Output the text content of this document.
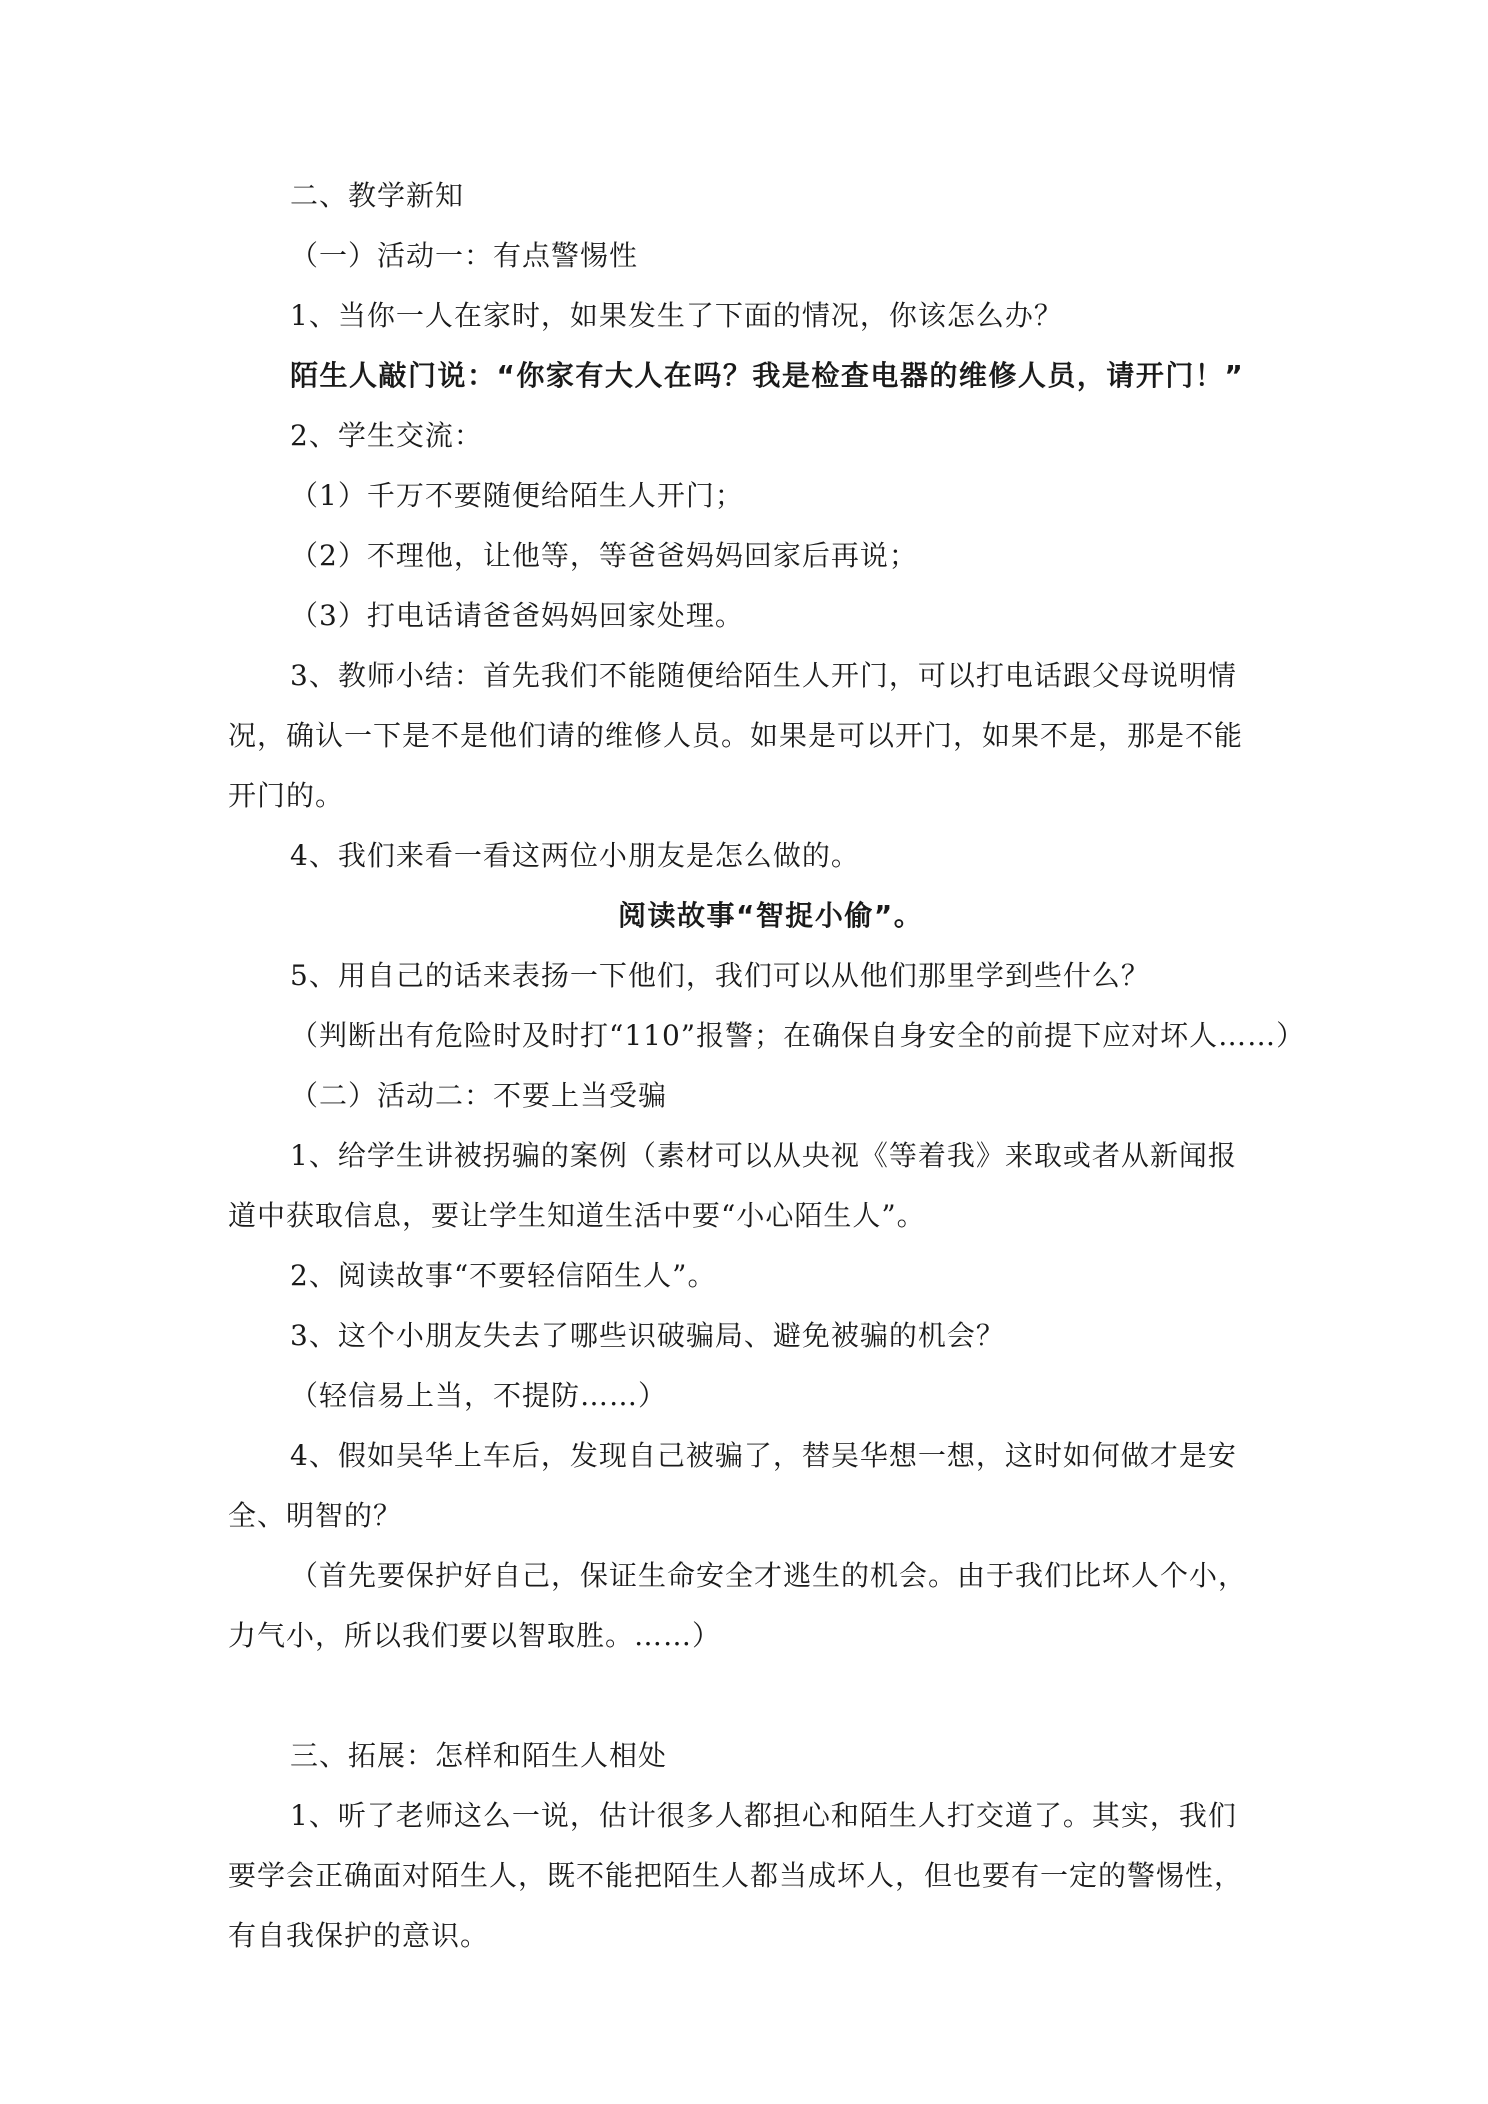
二、教学新知
（一）活动一：有点警惕性
1、当你一人在家时，如果发生了下面的情况，你该怎么办？
陌生人敲门说：“你家有大人在吗？我是检查电器的维修人员，请开门！”
2、学生交流：
（1）千万不要随便给陌生人开门；
（2）不理他，让他等，等爸爸妈妈回家后再说；
（3）打电话请爸爸妈妈回家处理。
3、教师小结：首先我们不能随便给陌生人开门，可以打电话跟父母说明情
况，确认一下是不是他们请的维修人员。如果是可以开门，如果不是，那是不能
开门的。
4、我们来看一看这两位小朋友是怎么做的。
阅读故事“智捉小偷”。
5、用自己的话来表扬一下他们，我们可以从他们那里学到些什么？
（判断出有危险时及时打“110”报警；在确保自身安全的前提下应对坏人……）
（二）活动二：不要上当受骗
1、给学生讲被拐骗的案例（素材可以从央视《等着我》来取或者从新闻报
道中获取信息，要让学生知道生活中要“小心陌生人”。
2、阅读故事“不要轻信陌生人”。
3、这个小朋友失去了哪些识破骗局、避免被骗的机会？
（轻信易上当，不提防……）
4、假如吴华上车后，发现自己被骗了，替吴华想一想，这时如何做才是安
全、明智的？
（首先要保护好自己，保证生命安全才逃生的机会。由于我们比坏人个小，
力气小，所以我们要以智取胜。……）
三、拓展：怎样和陌生人相处
1、听了老师这么一说，估计很多人都担心和陌生人打交道了。其实，我们
要学会正确面对陌生人，既不能把陌生人都当成坏人，但也要有一定的警惕性，
有自我保护的意识。
